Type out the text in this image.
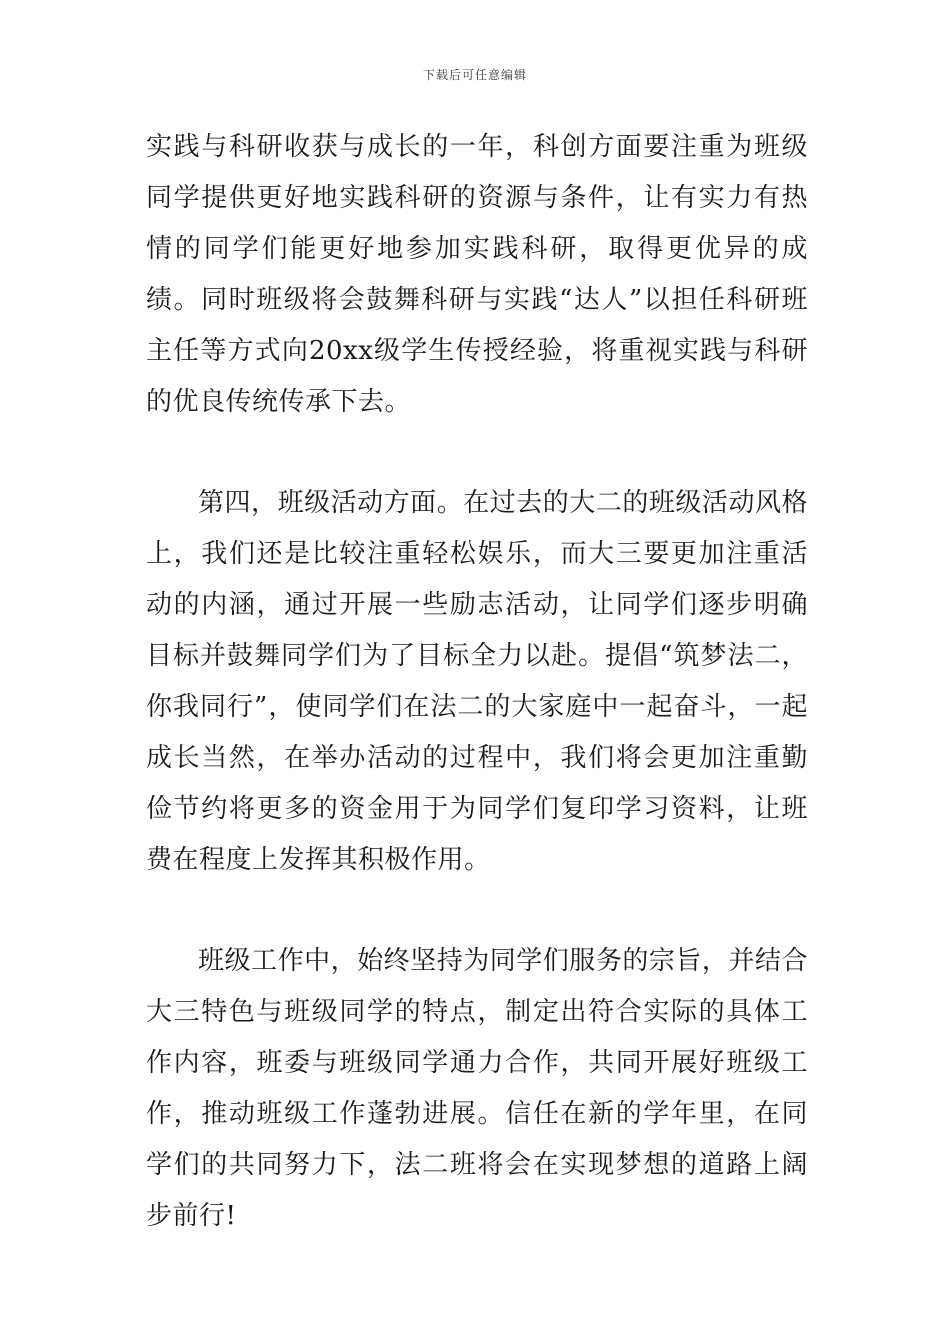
下载后可任意编辑

实践与科研收获与成长的一年，科创方面要注重为班级同学提供更好地实践科研的资源与条件，让有实力有热情的同学们能更好地参加实践科研，取得更优异的成绩。同时班级将会鼓舞科研与实践“达人”以担任科研班主任等方式向20xx级学生传授经验，将重视实践与科研的优良传统传承下去。

第四，班级活动方面。在过去的大二的班级活动风格上，我们还是比较注重轻松娱乐，而大三要更加注重活动的内涵，通过开展一些励志活动，让同学们逐步明确目标并鼓舞同学们为了目标全力以赴。提倡“筑梦法二，你我同行”，使同学们在法二的大家庭中一起奋斗，一起成长当然，在举办活动的过程中，我们将会更加注重勤俭节约将更多的资金用于为同学们复印学习资料，让班费在程度上发挥其积极作用。

班级工作中，始终坚持为同学们服务的宗旨，并结合大三特色与班级同学的特点，制定出符合实际的具体工作内容，班委与班级同学通力合作，共同开展好班级工作，推动班级工作蓬勃进展。信任在新的学年里，在同学们的共同努力下，法二班将会在实现梦想的道路上阔步前行!
